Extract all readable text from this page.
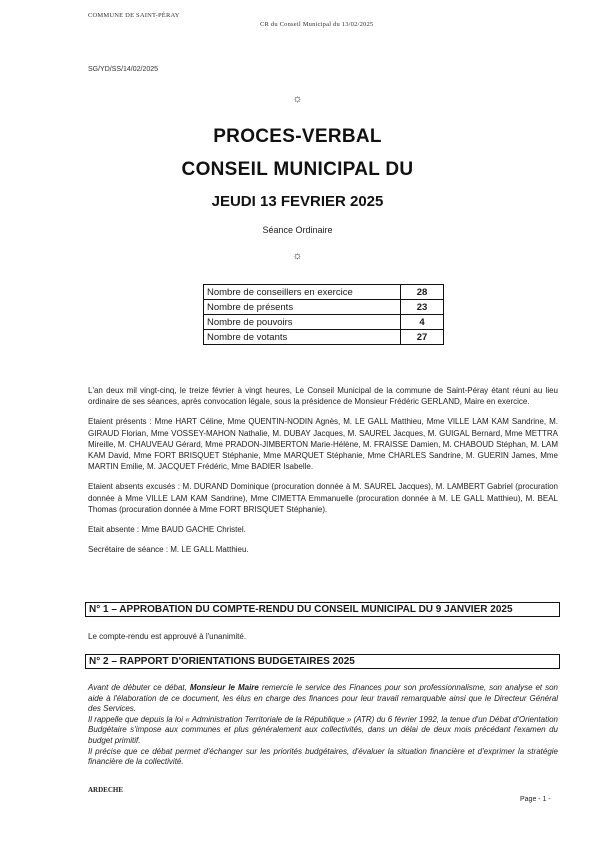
COMMUNE DE SAINT-PÉRAY
CR du Conseil Municipal du 13/02/2025
SG/YD/SS/14/02/2025
☼
PROCES-VERBAL
CONSEIL MUNICIPAL DU
JEUDI 13 FEVRIER 2025
Séance Ordinaire
☼
Nombre de conseillers en exercice	28
Nombre de présents	23
Nombre de pouvoirs	4
Nombre de votants	27

L'an deux mil vingt-cinq, le treize février à vingt heures, Le Conseil Municipal de la commune de Saint-Péray étant réuni au lieu ordinaire de ses séances, après convocation légale, sous la présidence de Monsieur Frédéric GERLAND, Maire en exercice.

Etaient présents : Mme HART Céline, Mme QUENTIN-NODIN Agnès, M. LE GALL Matthieu, Mme VILLE LAM KAM Sandrine, M. GIRAUD Florian, Mme VOSSEY-MAHON Nathalie, M. DUBAY Jacques, M. SAUREL Jacques, M. GUIGAL Bernard, Mme METTRA Mireille, M. CHAUVEAU Gérard, Mme PRADON-JIMBERTON Marie-Hélène, M. FRAISSE Damien, M. CHABOUD Stéphan, M. LAM KAM David, Mme FORT BRISQUET Stéphanie, Mme MARQUET Stéphanie, Mme CHARLES Sandrine, M. GUERIN James, Mme MARTIN Emilie, M. JACQUET Frédéric, Mme BADIER Isabelle.

Etaient absents excusés : M. DURAND Dominique (procuration donnée à M. SAUREL Jacques), M. LAMBERT Gabriel (procuration donnée à Mme VILLE LAM KAM Sandrine), Mme CIMETTA Emmanuelle (procuration donnée à M. LE GALL Matthieu), M. BEAL Thomas (procuration donnée à Mme FORT BRISQUET Stéphanie).

Etait absente : Mme BAUD GACHE Christel.

Secrétaire de séance : M. LE GALL Matthieu.

N° 1 – APPROBATION DU COMPTE-RENDU DU CONSEIL MUNICIPAL DU 9 JANVIER 2025
Le compte-rendu est approuvé à l'unanimité.
N° 2 – RAPPORT D'ORIENTATIONS BUDGETAIRES 2025
Avant de débuter ce débat, Monsieur le Maire remercie le service des Finances pour son professionnalisme, son analyse et son aide à l'élaboration de ce document, les élus en charge des finances pour leur travail remarquable ainsi que le Directeur Général des Services.
Il rappelle que depuis la loi « Administration Territoriale de la République » (ATR) du 6 février 1992, la tenue d'un Débat d'Orientation Budgétaire s'impose aux communes et plus généralement aux collectivités, dans un délai de deux mois précédant l'examen du budget primitif.
Il précise que ce débat permet d'échanger sur les priorités budgétaires, d'évaluer la situation financière et d'exprimer la stratégie financière de la collectivité.
ARDECHE
Page - 1 -
